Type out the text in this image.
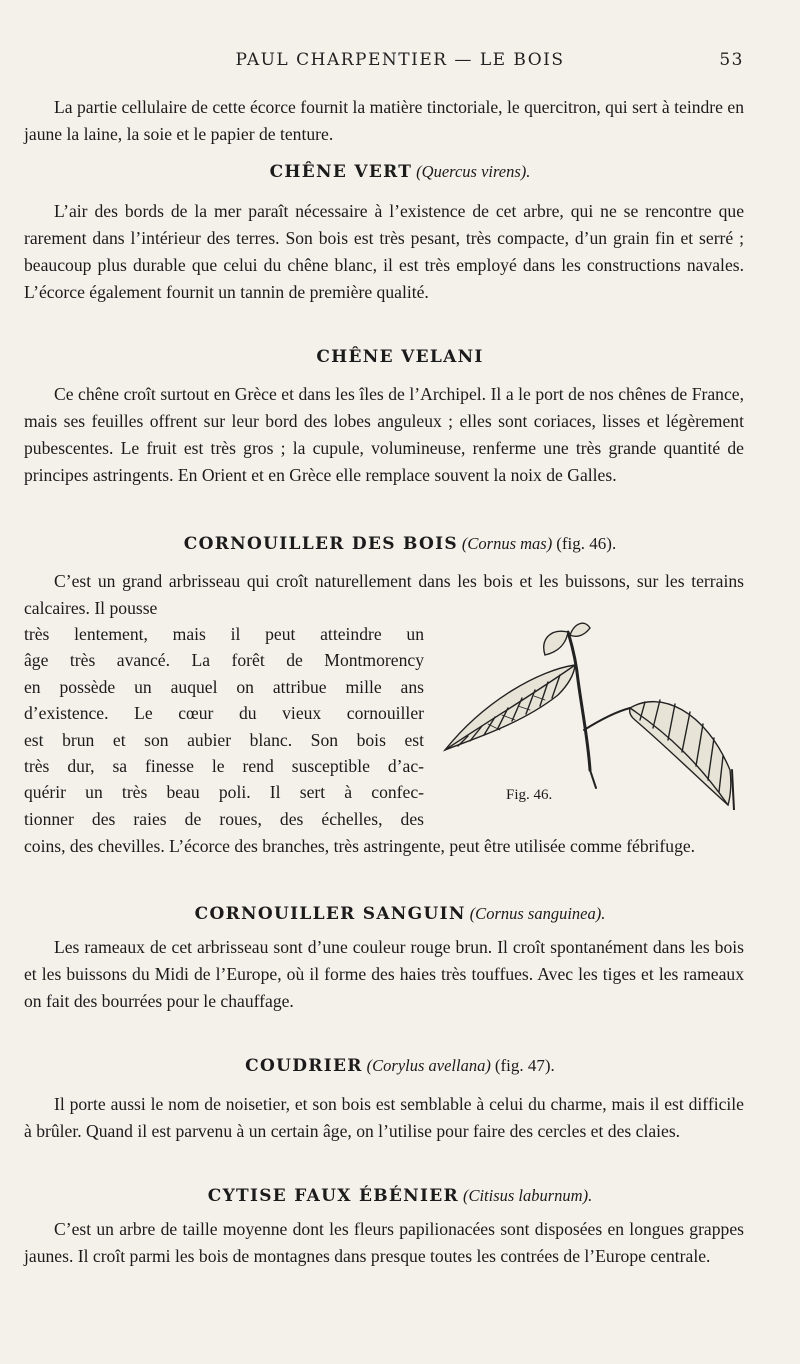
PAUL CHARPENTIER — LE BOIS	53

La partie cellulaire de cette écorce fournit la matière tinctoriale, le quercitron, qui sert à teindre en jaune la laine, la soie et le papier de tenture.

CHÊNE VERT (Quercus virens).

L’air des bords de la mer paraît nécessaire à l’existence de cet arbre, qui ne se rencontre que rarement dans l’intérieur des terres. Son bois est très pesant, très compacte, d’un grain fin et serré ; beaucoup plus durable que celui du chêne blanc, il est très employé dans les constructions navales. L’écorce également fournit un tannin de première qualité.

CHÊNE VELANI

Ce chêne croît surtout en Grèce et dans les îles de l’Archipel. Il a le port de nos chênes de France, mais ses feuilles offrent sur leur bord des lobes anguleux ; elles sont coriaces, lisses et légèrement pubescentes. Le fruit est très gros ; la cupule, volumineuse, renferme une très grande quantité de principes astringents. En Orient et en Grèce elle remplace souvent la noix de Galles.

CORNOUILLER DES BOIS (Cornus mas) (fig. 46).

C’est un grand arbrisseau qui croît naturellement dans les bois et les buissons, sur les terrains calcaires. Il pousse

très lentement, mais il peut atteindre un
âge très avancé. La forêt de Montmorency
en possède un auquel on attribue mille ans
d’existence. Le cœur du vieux cornouiller
est brun et son aubier blanc. Son bois est
très dur, sa finesse le rend susceptible d’ac-
quérir un très beau poli. Il sert à confec-
tionner des raies de roues, des échelles, des

coins, des chevilles. L’écorce des branches, très astringente, peut être utilisée comme fébrifuge.

Fig. 46.

CORNOUILLER SANGUIN (Cornus sanguinea).

Les rameaux de cet arbrisseau sont d’une couleur rouge brun. Il croît spontanément dans les bois et les buissons du Midi de l’Europe, où il forme des haies très touffues. Avec les tiges et les rameaux on fait des bourrées pour le chauffage.

COUDRIER (Corylus avellana) (fig. 47).

Il porte aussi le nom de noisetier, et son bois est semblable à celui du charme, mais il est difficile à brûler. Quand il est parvenu à un certain âge, on l’utilise pour faire des cercles et des claies.

CYTISE FAUX ÉBÉNIER (Citisus laburnum).

C’est un arbre de taille moyenne dont les fleurs papilionacées sont disposées en longues grappes jaunes. Il croît parmi les bois de montagnes dans presque toutes les contrées de l’Europe centrale.
